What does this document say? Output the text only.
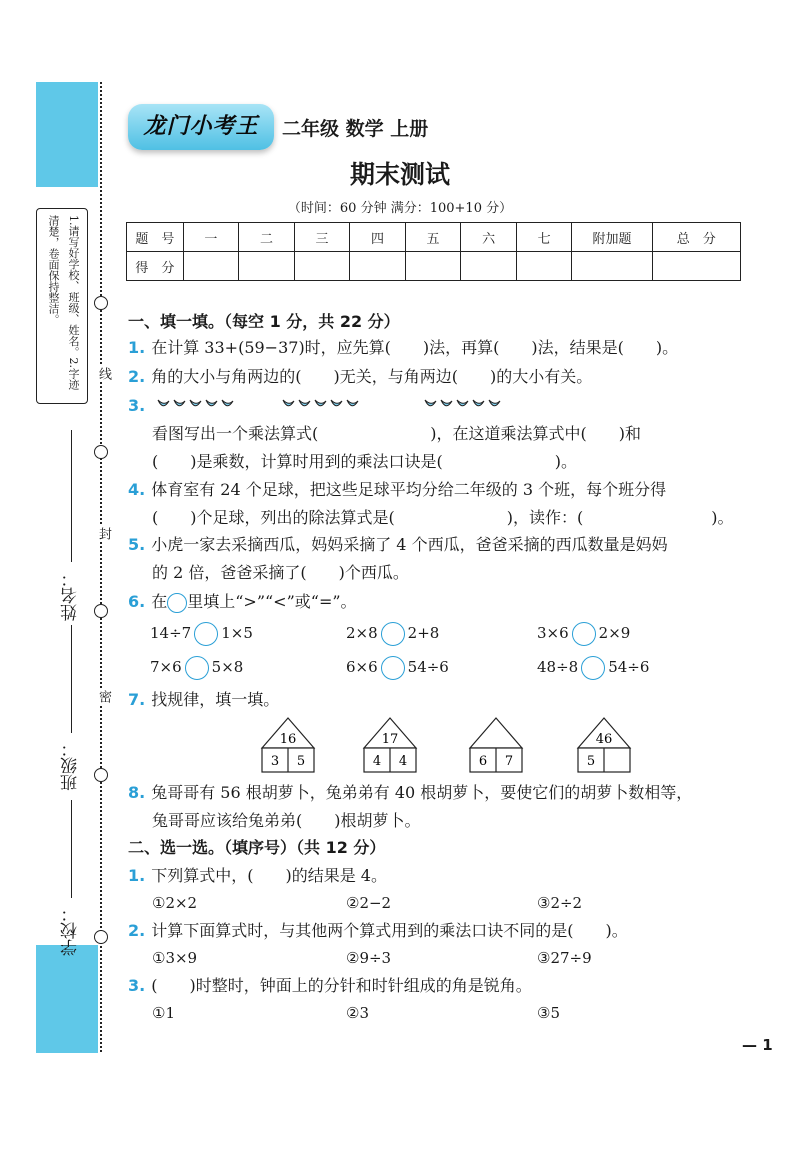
线
封
密
1.请写好学校、班级、姓名。2.字迹清楚，卷面保持整洁。
姓名：
班级：
学校：
龙门小考王	二年级 数学 上册
期末测试
（时间：60 分钟 满分：100+10 分）
题　号	一	二	三	四	五	六	七	附加题	总　分
得　分									
一、填一填。（每空 1 分，共 22 分）
1. 在计算 33+(59−37)时，应先算(　　)法，再算(　　)法，结果是(　　)。
2. 角的大小与角两边的(　　)无关，与角两边(　　)的大小有关。
3.
看图写出一个乘法算式(　　　　　　　)，在这道乘法算式中(　　)和
(　　)是乘数，计算时用到的乘法口诀是(　　　　　　　)。
4. 体育室有 24 个足球，把这些足球平均分给二年级的 3 个班，每个班分得
(　　)个足球，列出的除法算式是(　　　　　　　)，读作：(　　　　　　　　)。
5. 小虎一家去采摘西瓜，妈妈采摘了 4 个西瓜，爸爸采摘的西瓜数量是妈妈
的 2 倍，爸爸采摘了(　　)个西瓜。
6. 在 里填上“>”“<”或“=”。
14÷7 1×5	2×8 2+8	3×6 2×9
7×6 5×8	6×6 54÷6	48÷8 54÷6
7. 找规律，填一填。
16
3 5
17
4 4	6 7
46
5
8. 兔哥哥有 56 根胡萝卜，兔弟弟有 40 根胡萝卜，要使它们的胡萝卜数相等，
兔哥哥应该给兔弟弟(　　)根胡萝卜。
二、选一选。（填序号）（共 12 分）
1. 下列算式中，(　　)的结果是 4。
①2×2	②2−2	③2÷2
2. 计算下面算式时，与其他两个算式用到的乘法口诀不同的是(　　)。
①3×9	②9÷3	③27÷9
3. (　　)时整时，钟面上的分针和时针组成的角是锐角。
①1	②3	③5
— 1
